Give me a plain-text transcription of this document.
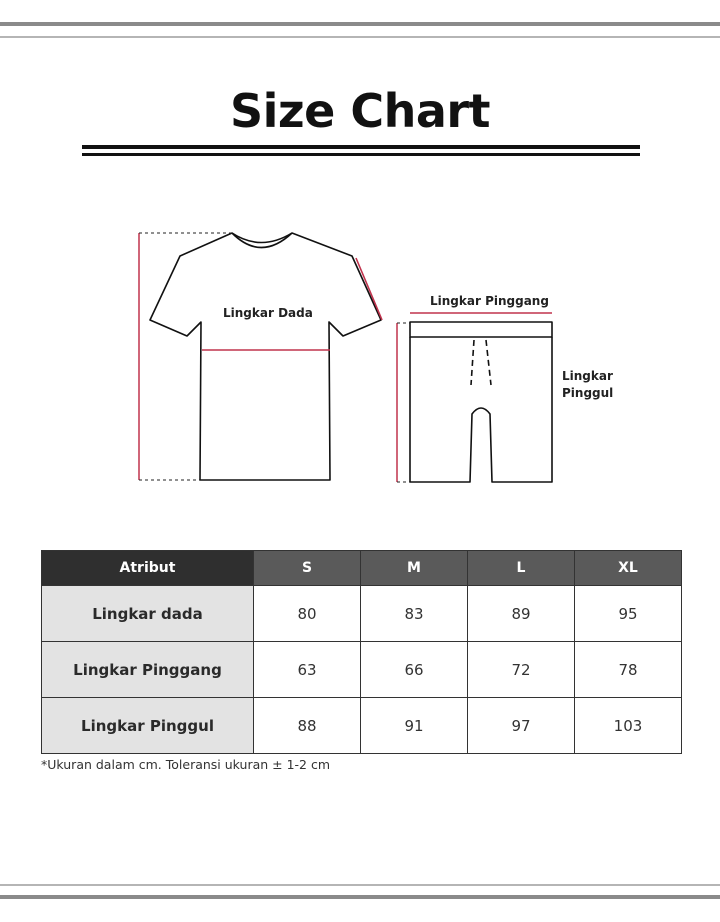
Size Chart
Lingkar Dada
Lingkar Pinggang
Lingkar
Pinggul
Atribut	S	M	L	XL
Lingkar dada	80	83	89	95
Lingkar Pinggang	63	66	72	78
Lingkar Pinggul	88	91	97	103
*Ukuran dalam cm. Toleransi ukuran ± 1-2 cm
